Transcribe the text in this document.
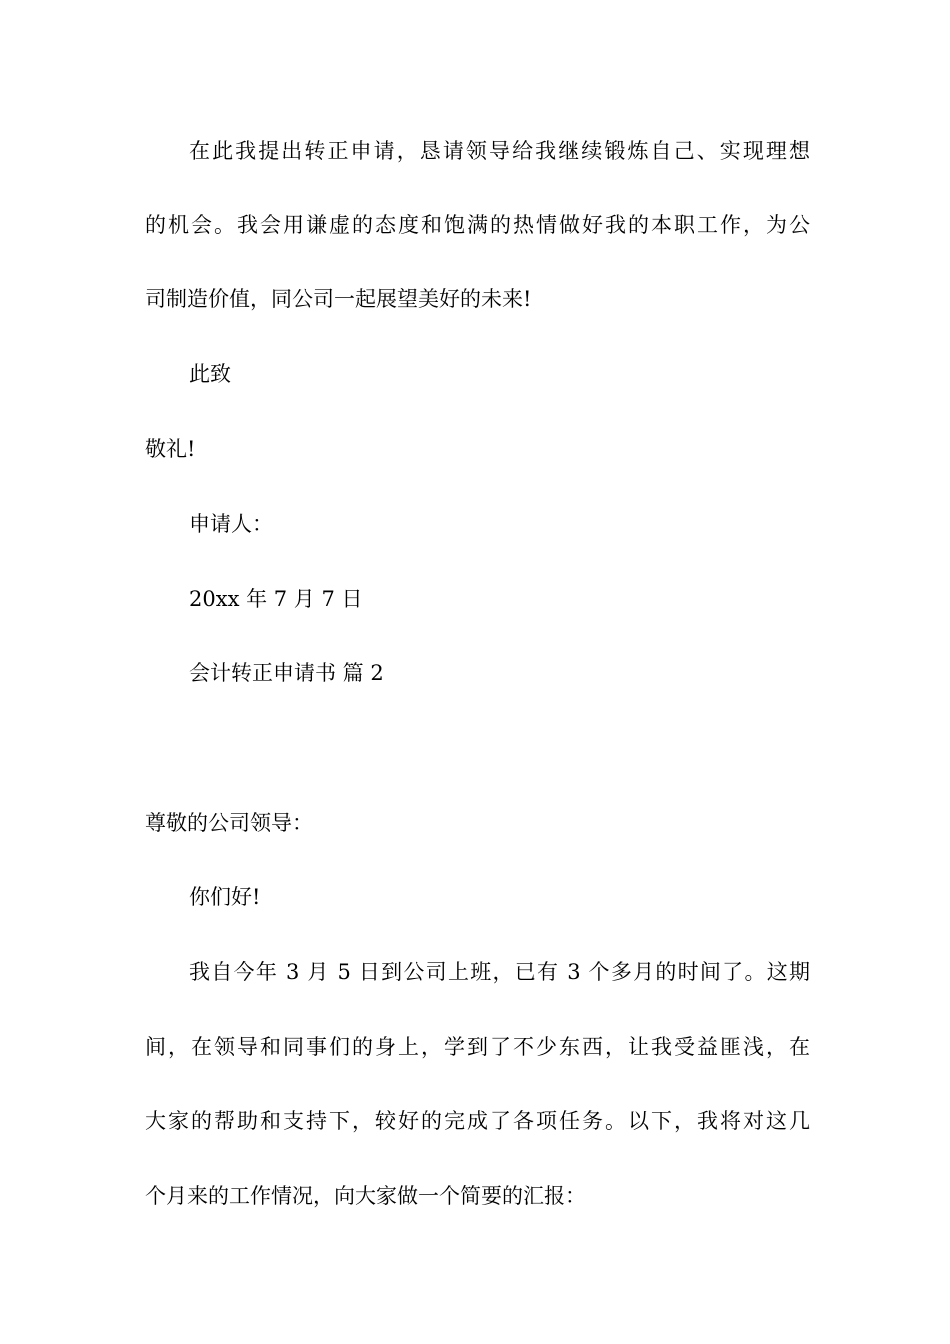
在此我提出转正申请，恳请领导给我继续锻炼自己、实现理想
的机会。我会用谦虚的态度和饱满的热情做好我的本职工作，为公
司制造价值，同公司一起展望美好的未来!
此致
敬礼!
申请人：
20xx 年 7 月 7 日
会计转正申请书 篇 2
尊敬的公司领导：
你们好!
我自今年 3 月 5 日到公司上班，已有 3 个多月的时间了。这期
间，在领导和同事们的身上，学到了不少东西，让我受益匪浅，在
大家的帮助和支持下，较好的完成了各项任务。以下，我将对这几
个月来的工作情况，向大家做一个简要的汇报：
